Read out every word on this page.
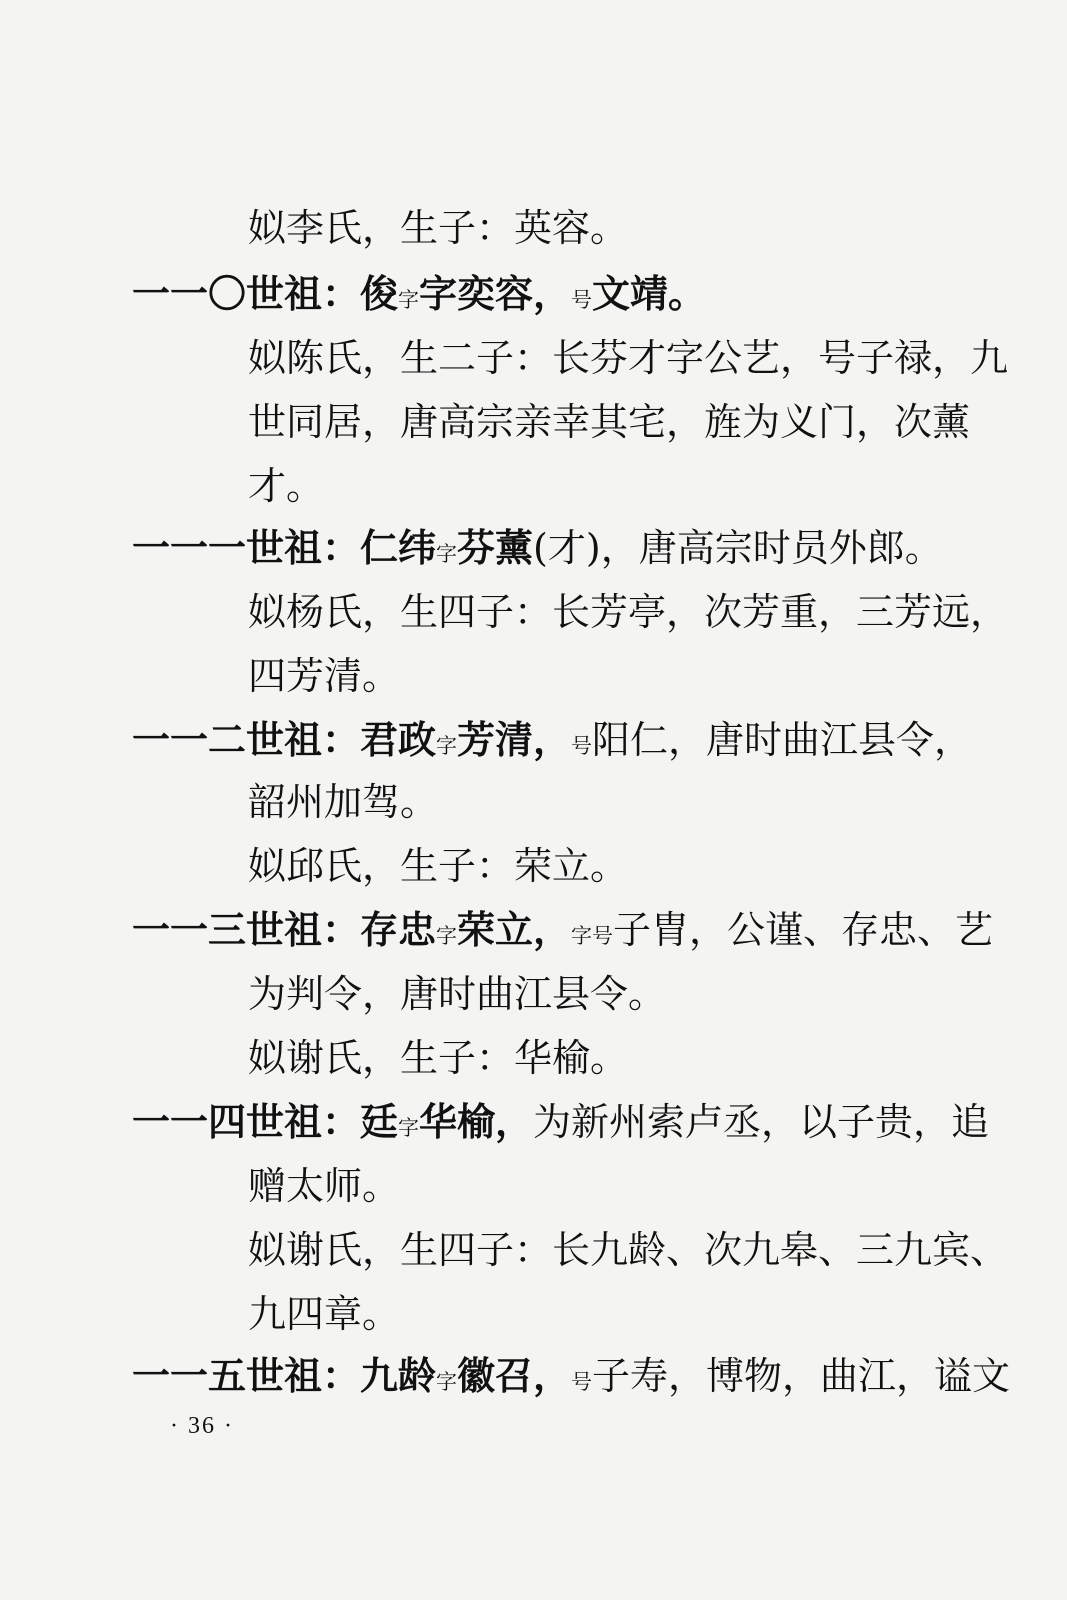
姒李氏，生子：英容。
一一〇世祖：俊字字奕容，号文靖。
姒陈氏，生二子：长芬才字公艺，号子禄，九
世同居，唐高宗亲幸其宅，旌为义门，次薰
才。
一一一世祖：仁纬字芬薰(才)，唐高宗时员外郎。
姒杨氏，生四子：长芳亭，次芳重，三芳远，
四芳清。
一一二世祖：君政字芳清，号阳仁，唐时曲江县令，
韶州加驾。
姒邱氏，生子：荣立。
一一三世祖：存忠字荣立，字号子胄，公谨、存忠、艺
为判令，唐时曲江县令。
姒谢氏，生子：华榆。
一一四世祖：廷字华榆，为新州索卢丞，以子贵，追
赠太师。
姒谢氏，生四子：长九龄、次九皋、三九宾、
九四章。
一一五世祖：九龄字徽召，号子寿，博物，曲江，谥文
· 36 ·
